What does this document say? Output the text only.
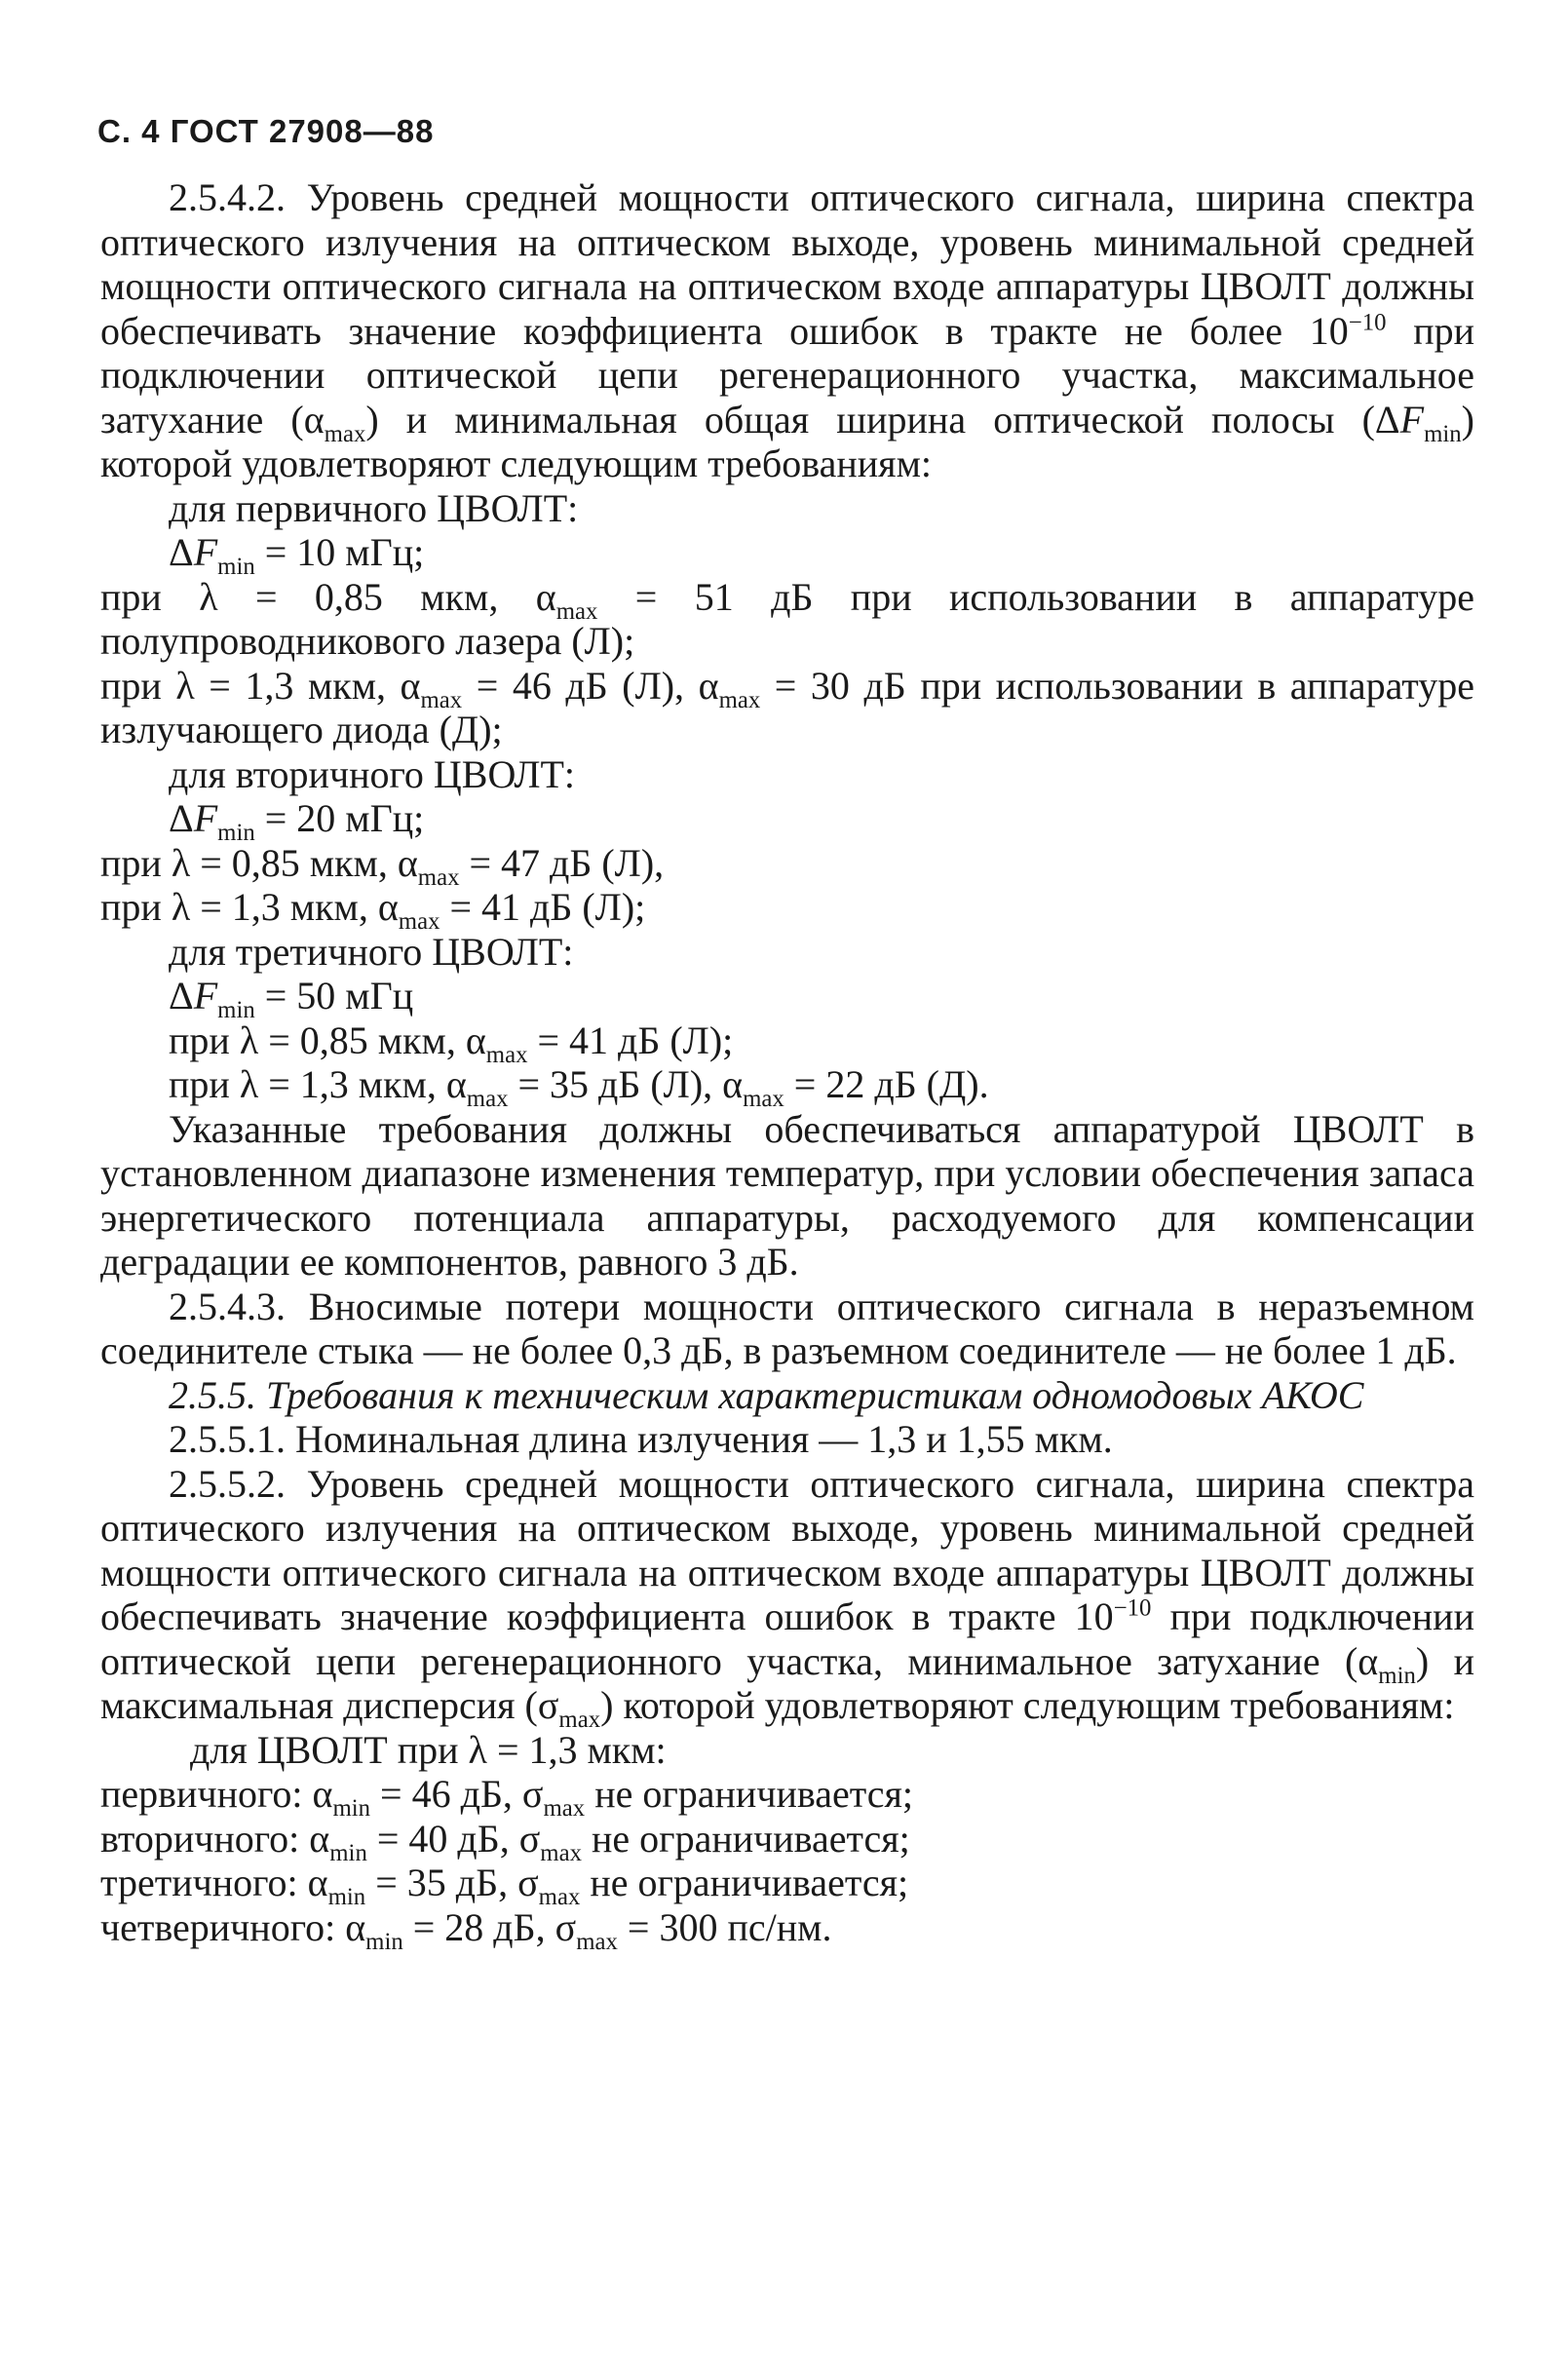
С. 4 ГОСТ 27908—88

2.5.4.2. Уровень средней мощности оптического сигнала, ширина спектра оптического излучения на оптическом выходе, уровень минимальной средней мощности оптического сигнала на оптическом входе аппаратуры ЦВОЛТ должны обеспечивать значение коэффициента ошибок в тракте не более $10^{-10}$ при подключении оптической цепи регенерационного участка, максимальное затухание $(\alpha_{max})$ и минимальная общая ширина оптической полосы $(\Delta F_{min})$ которой удовлетворяют следующим требованиям:

для первичного ЦВОЛТ:

$\Delta F_{min} = 10$ мГц;

при λ = 0,85 мкм, $\alpha_{max} = 51$ дБ при использовании в аппаратуре полупроводникового лазера (Л);

при λ = 1,3 мкм, $\alpha_{max} = 46$ дБ (Л), $\alpha_{max} = 30$ дБ при использовании в аппаратуре излучающего диода (Д);

для вторичного ЦВОЛТ:

$\Delta F_{min} = 20$ мГц;

при λ = 0,85 мкм, $\alpha_{max} = 47$ дБ (Л),

при λ = 1,3 мкм, $\alpha_{max} = 41$ дБ (Л);

для третичного ЦВОЛТ:

$\Delta F_{min} = 50$ мГц

при λ = 0,85 мкм, $\alpha_{max} = 41$ дБ (Л);

при λ = 1,3 мкм, $\alpha_{max} = 35$ дБ (Л), $\alpha_{max} = 22$ дБ (Д).

Указанные требования должны обеспечиваться аппаратурой ЦВОЛТ в установленном диапазоне изменения температур, при условии обеспечения запаса энергетического потенциала аппаратуры, расходуемого для компенсации деградации ее компонентов, равного 3 дБ.

2.5.4.3. Вносимые потери мощности оптического сигнала в неразъемном соединителе стыка — не более 0,3 дБ, в разъемном соединителе — не более 1 дБ.

2.5.5. Требования к техническим характеристикам одномодовых АКОС

2.5.5.1. Номинальная длина излучения — 1,3 и 1,55 мкм.

2.5.5.2. Уровень средней мощности оптического сигнала, ширина спектра оптического излучения на оптическом выходе, уровень минимальной средней мощности оптического сигнала на оптическом входе аппаратуры ЦВОЛТ должны обеспечивать значение коэффициента ошибок в тракте $10^{-10}$ при подключении оптической цепи регенерационного участка, минимальное затухание $(\alpha_{min})$ и максимальная дисперсия $(\sigma_{max})$ которой удовлетворяют следующим требованиям:

для ЦВОЛТ при λ = 1,3 мкм:

первичного: $\alpha_{min} = 46$ дБ, $\sigma_{max}$ не ограничивается;

вторичного: $\alpha_{min} = 40$ дБ, $\sigma_{max}$ не ограничивается;

третичного: $\alpha_{min} = 35$ дБ, $\sigma_{max}$ не ограничивается;

четверичного: $\alpha_{min} = 28$ дБ, $\sigma_{max} = 300$ пс/нм.
